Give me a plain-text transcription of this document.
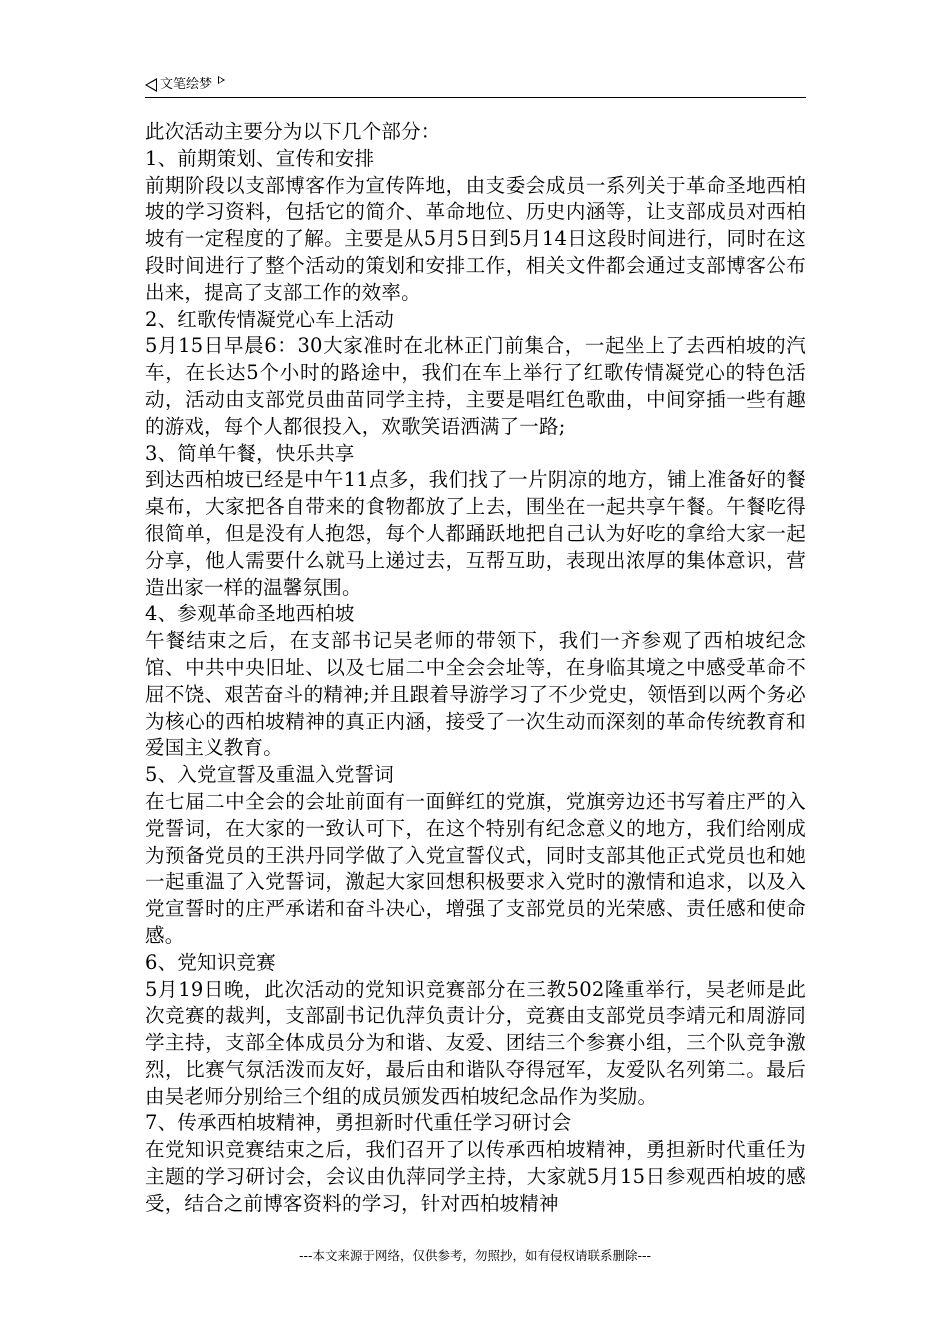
文笔绘梦

此次活动主要分为以下几个部分：

1、前期策划、宣传和安排

前期阶段以支部博客作为宣传阵地，由支委会成员一系列关于革命圣地西柏坡的学习资料，包括它的简介、革命地位、历史内涵等，让支部成员对西柏坡有一定程度的了解。主要是从5月5日到5月14日这段时间进行，同时在这段时间进行了整个活动的策划和安排工作，相关文件都会通过支部博客公布出来，提高了支部工作的效率。

2、红歌传情凝党心车上活动

5月15日早晨6：30大家准时在北林正门前集合，一起坐上了去西柏坡的汽车，在长达5个小时的路途中，我们在车上举行了红歌传情凝党心的特色活动，活动由支部党员曲苗同学主持，主要是唱红色歌曲，中间穿插一些有趣的游戏，每个人都很投入，欢歌笑语洒满了一路;

3、简单午餐，快乐共享

到达西柏坡已经是中午11点多，我们找了一片阴凉的地方，铺上准备好的餐桌布，大家把各自带来的食物都放了上去，围坐在一起共享午餐。午餐吃得很简单，但是没有人抱怨，每个人都踊跃地把自己认为好吃的拿给大家一起分享，他人需要什么就马上递过去，互帮互助，表现出浓厚的集体意识，营造出家一样的温馨氛围。

4、参观革命圣地西柏坡

午餐结束之后，在支部书记吴老师的带领下，我们一齐参观了西柏坡纪念馆、中共中央旧址、以及七届二中全会会址等，在身临其境之中感受革命不屈不饶、艰苦奋斗的精神;并且跟着导游学习了不少党史，领悟到以两个务必为核心的西柏坡精神的真正内涵，接受了一次生动而深刻的革命传统教育和爱国主义教育。

5、入党宣誓及重温入党誓词

在七届二中全会的会址前面有一面鲜红的党旗，党旗旁边还书写着庄严的入党誓词，在大家的一致认可下，在这个特别有纪念意义的地方，我们给刚成为预备党员的王洪丹同学做了入党宣誓仪式，同时支部其他正式党员也和她一起重温了入党誓词，激起大家回想积极要求入党时的激情和追求，以及入党宣誓时的庄严承诺和奋斗决心，增强了支部党员的光荣感、责任感和使命感。

6、党知识竞赛

5月19日晚，此次活动的党知识竞赛部分在三教502隆重举行，吴老师是此次竞赛的裁判，支部副书记仇萍负责计分，竞赛由支部党员李靖元和周游同学主持，支部全体成员分为和谐、友爱、团结三个参赛小组，三个队竞争激烈，比赛气氛活泼而友好，最后由和谐队夺得冠军，友爱队名列第二。最后由吴老师分别给三个组的成员颁发西柏坡纪念品作为奖励。

7、传承西柏坡精神，勇担新时代重任学习研讨会

在党知识竞赛结束之后，我们召开了以传承西柏坡精神，勇担新时代重任为主题的学习研讨会，会议由仇萍同学主持，大家就5月15日参观西柏坡的感受，结合之前博客资料的学习，针对西柏坡精神

---本文来源于网络，仅供参考，勿照抄，如有侵权请联系删除---
